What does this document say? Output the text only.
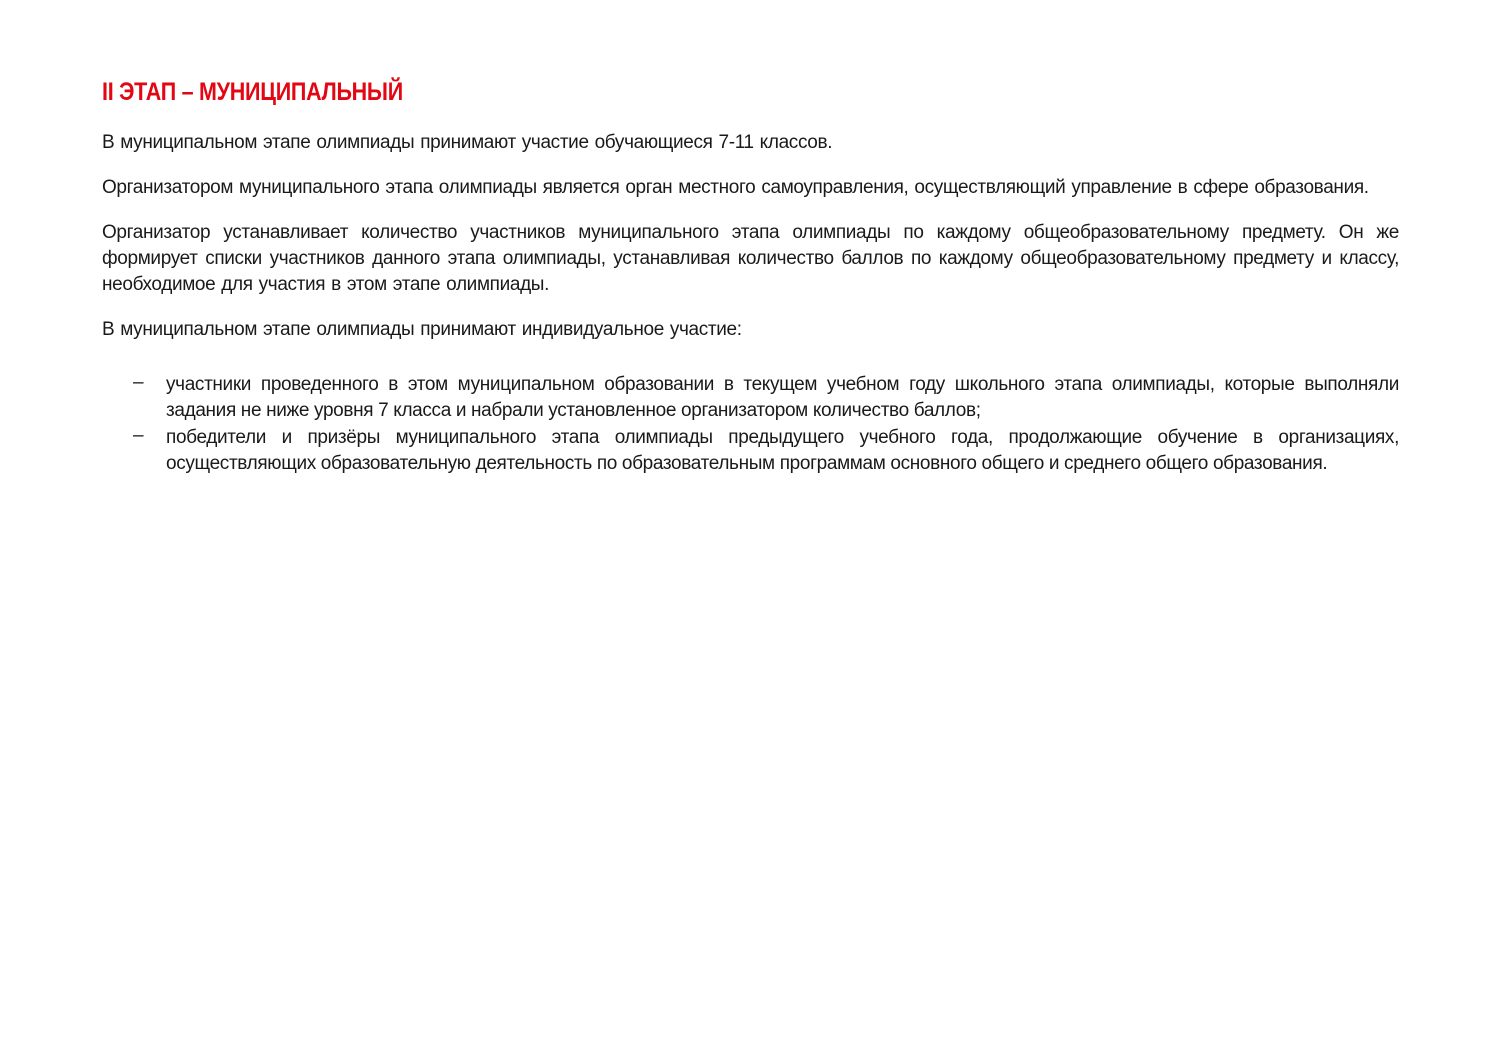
II ЭТАП – МУНИЦИПАЛЬНЫЙ

В муниципальном этапе олимпиады принимают участие обучающиеся 7-11 классов.

Организатором муниципального этапа олимпиады является орган местного самоуправления, осуществляющий управление в сфере образования.

Организатор устанавливает количество участников муниципального этапа олимпиады по каждому общеобразовательному предмету. Он же формирует списки участников данного этапа олимпиады, устанавливая количество баллов по каждому общеобразовательному предмету и классу, необходимое для участия в этом этапе олимпиады.

В муниципальном этапе олимпиады принимают индивидуальное участие:

– участники проведенного в этом муниципальном образовании в текущем учебном году школьного этапа олимпиады, которые выполняли задания не ниже уровня 7 класса и набрали установленное организатором количество баллов;
– победители и призёры муниципального этапа олимпиады предыдущего учебного года, продолжающие обучение в организациях, осуществляющих образовательную деятельность по образовательным программам основного общего и среднего общего образования.
